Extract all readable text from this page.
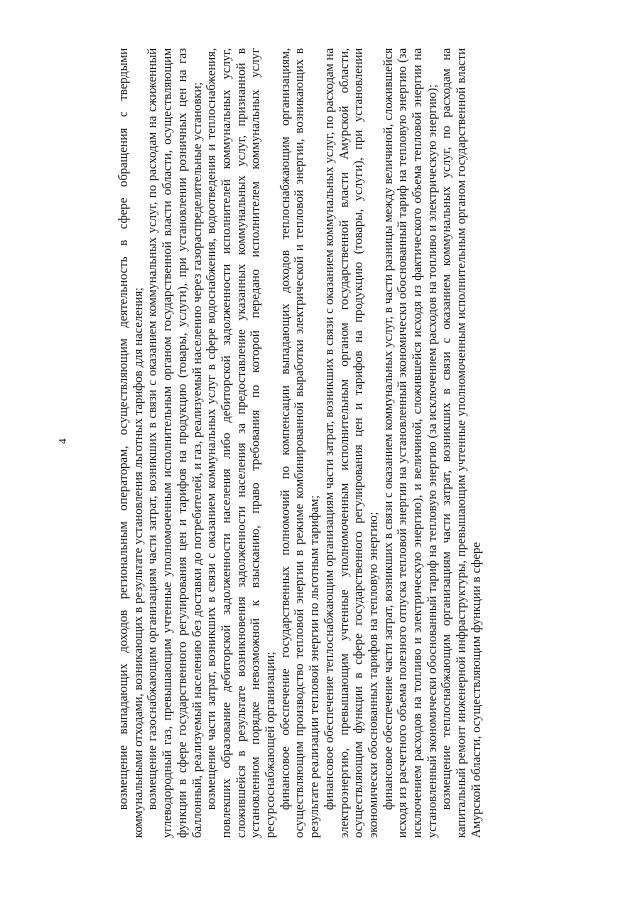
4	возмещение выпадающих доходов региональным операторам, осуществляющим деятельность в сфере обращения с твердыми коммунальными отходами, возникающих в результате установления льготных тарифов для населения; возмещение газоснабжающим организациям части затрат, возникших в связи с оказанием коммунальных услуг, по расходам на сжиженный углеводородный газ, превышающим учтенные уполномоченным исполнительным органом государственной власти области, осуществляющим функции в сфере государственного регулирования цен и тарифов на продукцию (товары, услуги), при установлении розничных цен на газ баллонный, реализуемый населению без доставки до потребителей, и газ, реализуемый населению через газораспределительные установки; возмещение части затрат, возникших в связи с оказанием коммунальных услуг в сфере водоснабжения, водоотведения и теплоснабжения, повлекших образование дебиторской задолженности населения либо дебиторской задолженности исполнителей коммунальных услуг, сложившейся в результате возникновения задолженности населения за предоставление указанных коммунальных услуг, признанной в установленном порядке невозможной к взысканию, право требования по которой передано исполнителем коммунальных услуг ресурсоснабжающей организации; финансовое обеспечение государственных полномочий по компенсации выпадающих доходов теплоснабжающим организациям, осуществляющим производство тепловой энергии в режиме комбинированной выработки электрической и тепловой энергии, возникающих в результате реализации тепловой энергии по льготным тарифам; финансовое обеспечение теплоснабжающим организациям части затрат, возникших в связи с оказанием коммунальных услуг, по расходам на электроэнергию, превышающим учтенные уполномоченным исполнительным органом государственной власти Амурской области, осуществляющим функции в сфере государственного регулирования цен и тарифов на продукцию (товары, услуги), при установлении экономически обоснованных тарифов на тепловую энергию; финансовое обеспечение части затрат, возникших в связи с оказанием коммунальных услуг, в части разницы между величиной, сложившейся исходя из расчетного объема полезного отпуска тепловой энергии на установленный экономически обоснованный тариф на тепловую энергию (за исключением расходов на топливо и электрическую энергию), и величиной, сложившейся исходя из фактического объема тепловой энергии на установленный экономически обоснованный тариф на тепловую энергию (за исключением расходов на топливо и электрическую энергию); возмещение теплоснабжающим организациям части затрат, возникших в связи с оказанием коммунальных услуг, по расходам на капитальный ремонт инженерной инфраструктуры, превышающим учтенные уполномоченным исполнительным органом государственной власти Амурской области, осуществляющим функции в сфере
